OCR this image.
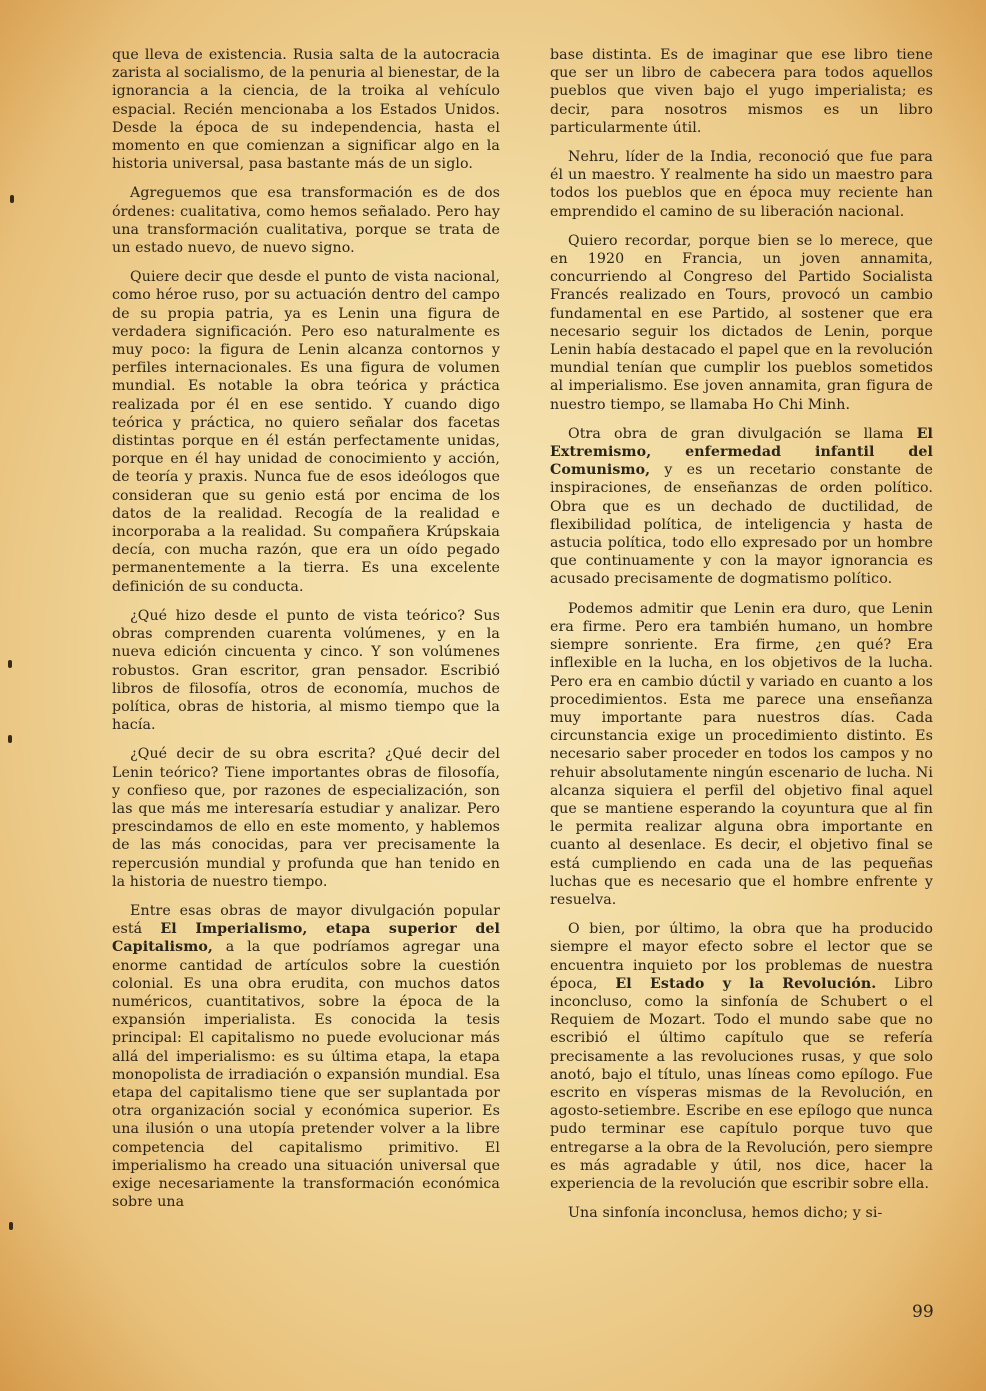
que lleva de existencia. Rusia salta de la autocracia zarista al socialismo, de la penuria al bienestar, de la ignorancia a la ciencia, de la troika al vehículo espacial. Recién mencionaba a los Estados Unidos. Desde la época de su independencia, hasta el momento en que comienzan a significar algo en la historia universal, pasa bastante más de un siglo.

Agreguemos que esa transformación es de dos órdenes: cualitativa, como hemos señalado. Pero hay una transformación cualitativa, porque se trata de un estado nuevo, de nuevo signo.

Quiere decir que desde el punto de vista nacional, como héroe ruso, por su actuación dentro del campo de su propia patria, ya es Lenin una figura de verdadera significación. Pero eso naturalmente es muy poco: la figura de Lenin alcanza contornos y perfiles internacionales. Es una figura de volumen mundial. Es notable la obra teórica y práctica realizada por él en ese sentido. Y cuando digo teórica y práctica, no quiero señalar dos facetas distintas porque en él están perfectamente unidas, porque en él hay unidad de conocimiento y acción, de teoría y praxis. Nunca fue de esos ideólogos que consideran que su genio está por encima de los datos de la realidad. Recogía de la realidad e incorporaba a la realidad. Su compañera Krúpskaia decía, con mucha razón, que era un oído pegado permanentemente a la tierra. Es una excelente definición de su conducta.

¿Qué hizo desde el punto de vista teórico? Sus obras comprenden cuarenta volúmenes, y en la nueva edición cincuenta y cinco. Y son volúmenes robustos. Gran escritor, gran pensador. Escribió libros de filosofía, otros de economía, muchos de política, obras de historia, al mismo tiempo que la hacía.

¿Qué decir de su obra escrita? ¿Qué decir del Lenin teórico? Tiene importantes obras de filosofía, y confieso que, por razones de especialización, son las que más me interesaría estudiar y analizar. Pero prescindamos de ello en este momento, y hablemos de las más conocidas, para ver precisamente la repercusión mundial y profunda que han tenido en la historia de nuestro tiempo.

Entre esas obras de mayor divulgación popular está El Imperialismo, etapa superior del Capitalismo, a la que podríamos agregar una enorme cantidad de artículos sobre la cuestión colonial. Es una obra erudita, con muchos datos numéricos, cuantitativos, sobre la época de la expansión imperialista. Es conocida la tesis principal: El capitalismo no puede evolucionar más allá del imperialismo: es su última etapa, la etapa monopolista de irradiación o expansión mundial. Esa etapa del capitalismo tiene que ser suplantada por otra organización social y económica superior. Es una ilusión o una utopía pretender volver a la libre competencia del capitalismo primitivo. El imperialismo ha creado una situación universal que exige necesariamente la transformación económica sobre una

base distinta. Es de imaginar que ese libro tiene que ser un libro de cabecera para todos aquellos pueblos que viven bajo el yugo imperialista; es decir, para nosotros mismos es un libro particularmente útil.

Nehru, líder de la India, reconoció que fue para él un maestro. Y realmente ha sido un maestro para todos los pueblos que en época muy reciente han emprendido el camino de su liberación nacional.

Quiero recordar, porque bien se lo merece, que en 1920 en Francia, un joven annamita, concurriendo al Congreso del Partido Socialista Francés realizado en Tours, provocó un cambio fundamental en ese Partido, al sostener que era necesario seguir los dictados de Lenin, porque Lenin había destacado el papel que en la revolución mundial tenían que cumplir los pueblos sometidos al imperialismo. Ese joven annamita, gran figura de nuestro tiempo, se llamaba Ho Chi Minh.

Otra obra de gran divulgación se llama El Extremismo, enfermedad infantil del Comunismo, y es un recetario constante de inspiraciones, de enseñanzas de orden político. Obra que es un dechado de ductilidad, de flexibilidad política, de inteligencia y hasta de astucia política, todo ello expresado por un hombre que continuamente y con la mayor ignorancia es acusado precisamente de dogmatismo político.

Podemos admitir que Lenin era duro, que Lenin era firme. Pero era también humano, un hombre siempre sonriente. Era firme, ¿en qué? Era inflexible en la lucha, en los objetivos de la lucha. Pero era en cambio dúctil y variado en cuanto a los procedimientos. Esta me parece una enseñanza muy importante para nuestros días. Cada circunstancia exige un procedimiento distinto. Es necesario saber proceder en todos los campos y no rehuir absolutamente ningún escenario de lucha. Ni alcanza siquiera el perfil del objetivo final aquel que se mantiene esperando la coyuntura que al fin le permita realizar alguna obra importante en cuanto al desenlace. Es decir, el objetivo final se está cumpliendo en cada una de las pequeñas luchas que es necesario que el hombre enfrente y resuelva.

O bien, por último, la obra que ha producido siempre el mayor efecto sobre el lector que se encuentra inquieto por los problemas de nuestra época, El Estado y la Revolución. Libro inconcluso, como la sinfonía de Schubert o el Requiem de Mozart. Todo el mundo sabe que no escribió el último capítulo que se refería precisamente a las revoluciones rusas, y que solo anotó, bajo el título, unas líneas como epílogo. Fue escrito en vísperas mismas de la Revolución, en agosto-setiembre. Escribe en ese epílogo que nunca pudo terminar ese capítulo porque tuvo que entregarse a la obra de la Revolución, pero siempre es más agradable y útil, nos dice, hacer la experiencia de la revolución que escribir sobre ella.

Una sinfonía inconclusa, hemos dicho; y si-

99
